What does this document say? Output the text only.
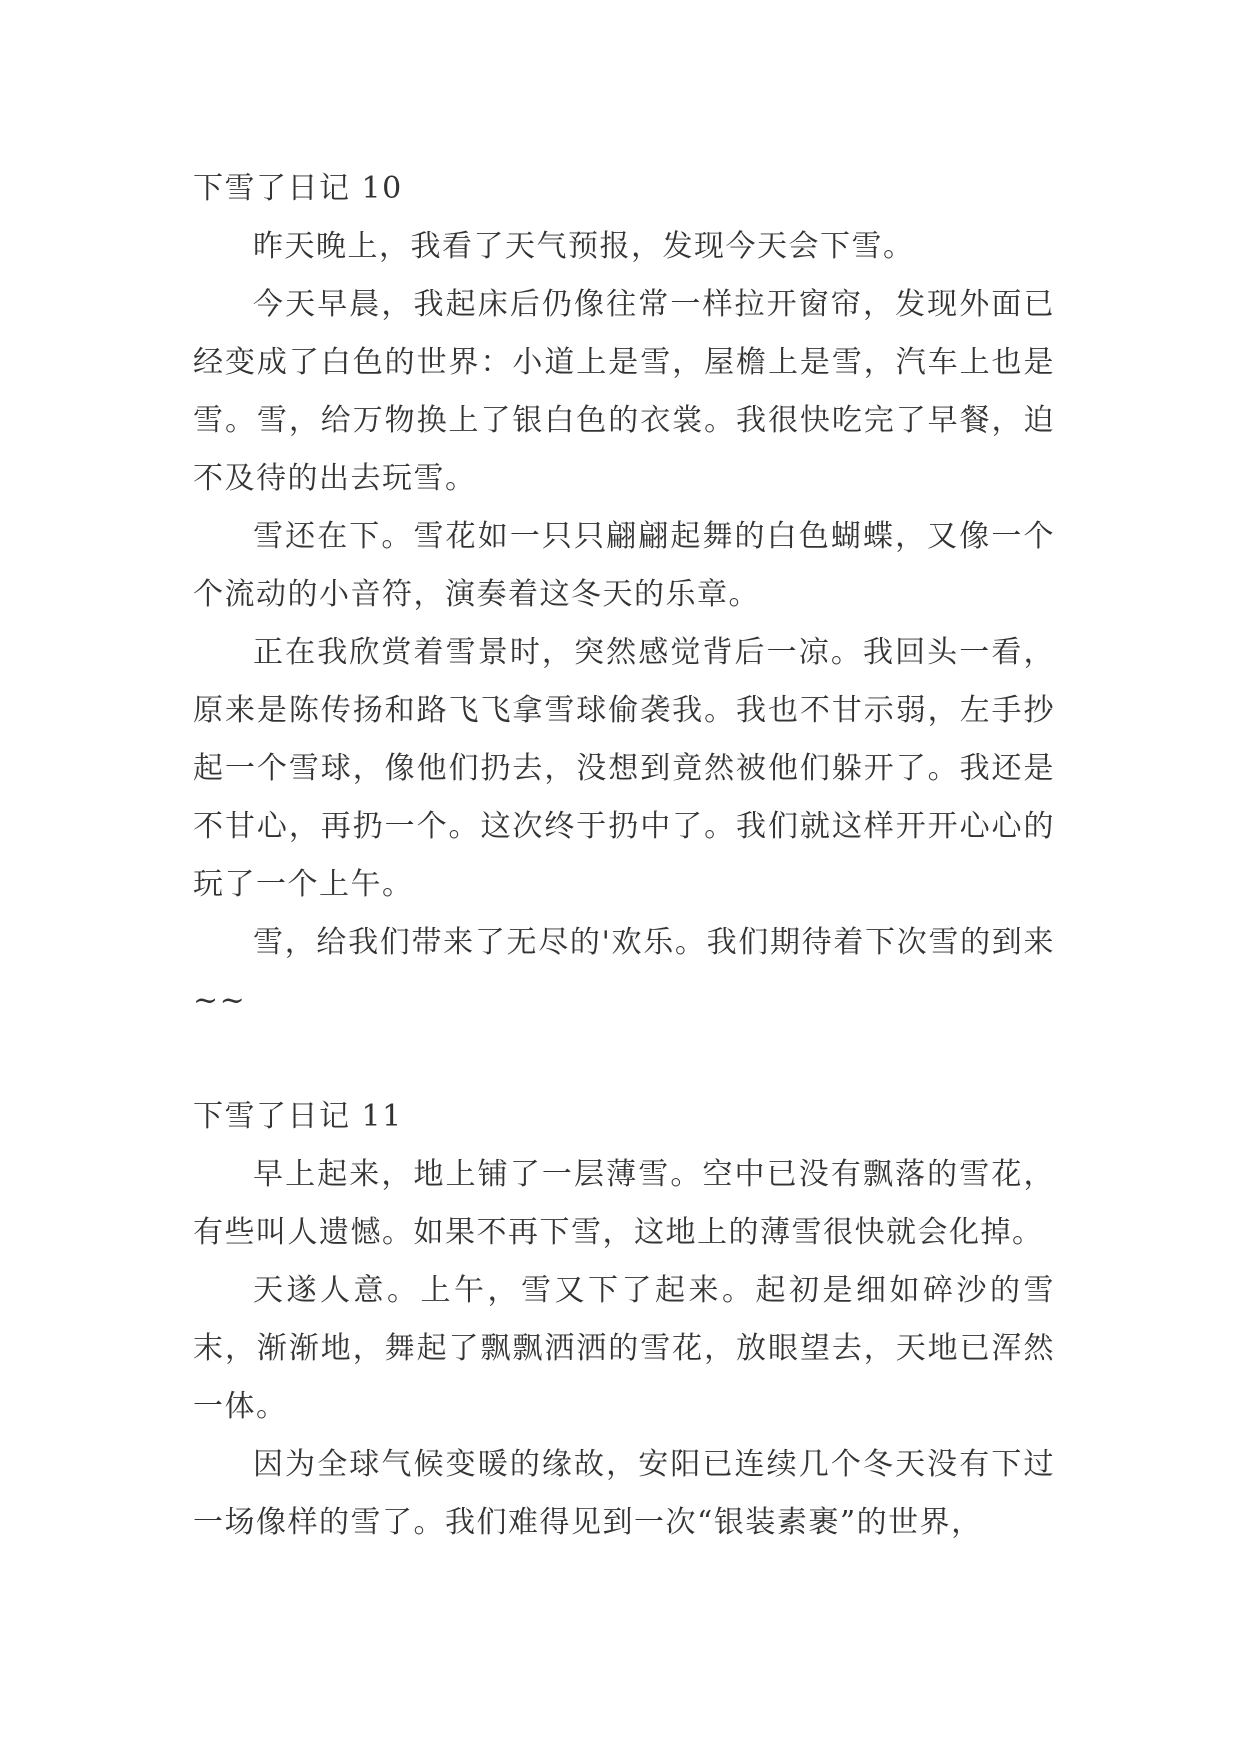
下雪了日记 10

昨天晚上，我看了天气预报，发现今天会下雪。

今天早晨，我起床后仍像往常一样拉开窗帘，发现外面已经变成了白色的世界：小道上是雪，屋檐上是雪，汽车上也是雪。雪，给万物换上了银白色的衣裳。我很快吃完了早餐，迫不及待的出去玩雪。

雪还在下。雪花如一只只翩翩起舞的白色蝴蝶，又像一个个流动的小音符，演奏着这冬天的乐章。

正在我欣赏着雪景时，突然感觉背后一凉。我回头一看，原来是陈传扬和路飞飞拿雪球偷袭我。我也不甘示弱，左手抄起一个雪球，像他们扔去，没想到竟然被他们躲开了。我还是不甘心，再扔一个。这次终于扔中了。我们就这样开开心心的玩了一个上午。

雪，给我们带来了无尽的'欢乐。我们期待着下次雪的到来~~

下雪了日记 11

早上起来，地上铺了一层薄雪。空中已没有飘落的雪花，有些叫人遗憾。如果不再下雪，这地上的薄雪很快就会化掉。

天遂人意。上午，雪又下了起来。起初是细如碎沙的雪末，渐渐地，舞起了飘飘洒洒的雪花，放眼望去，天地已浑然一体。

因为全球气候变暖的缘故，安阳已连续几个冬天没有下过一场像样的雪了。我们难得见到一次“银装素裹”的世界，
